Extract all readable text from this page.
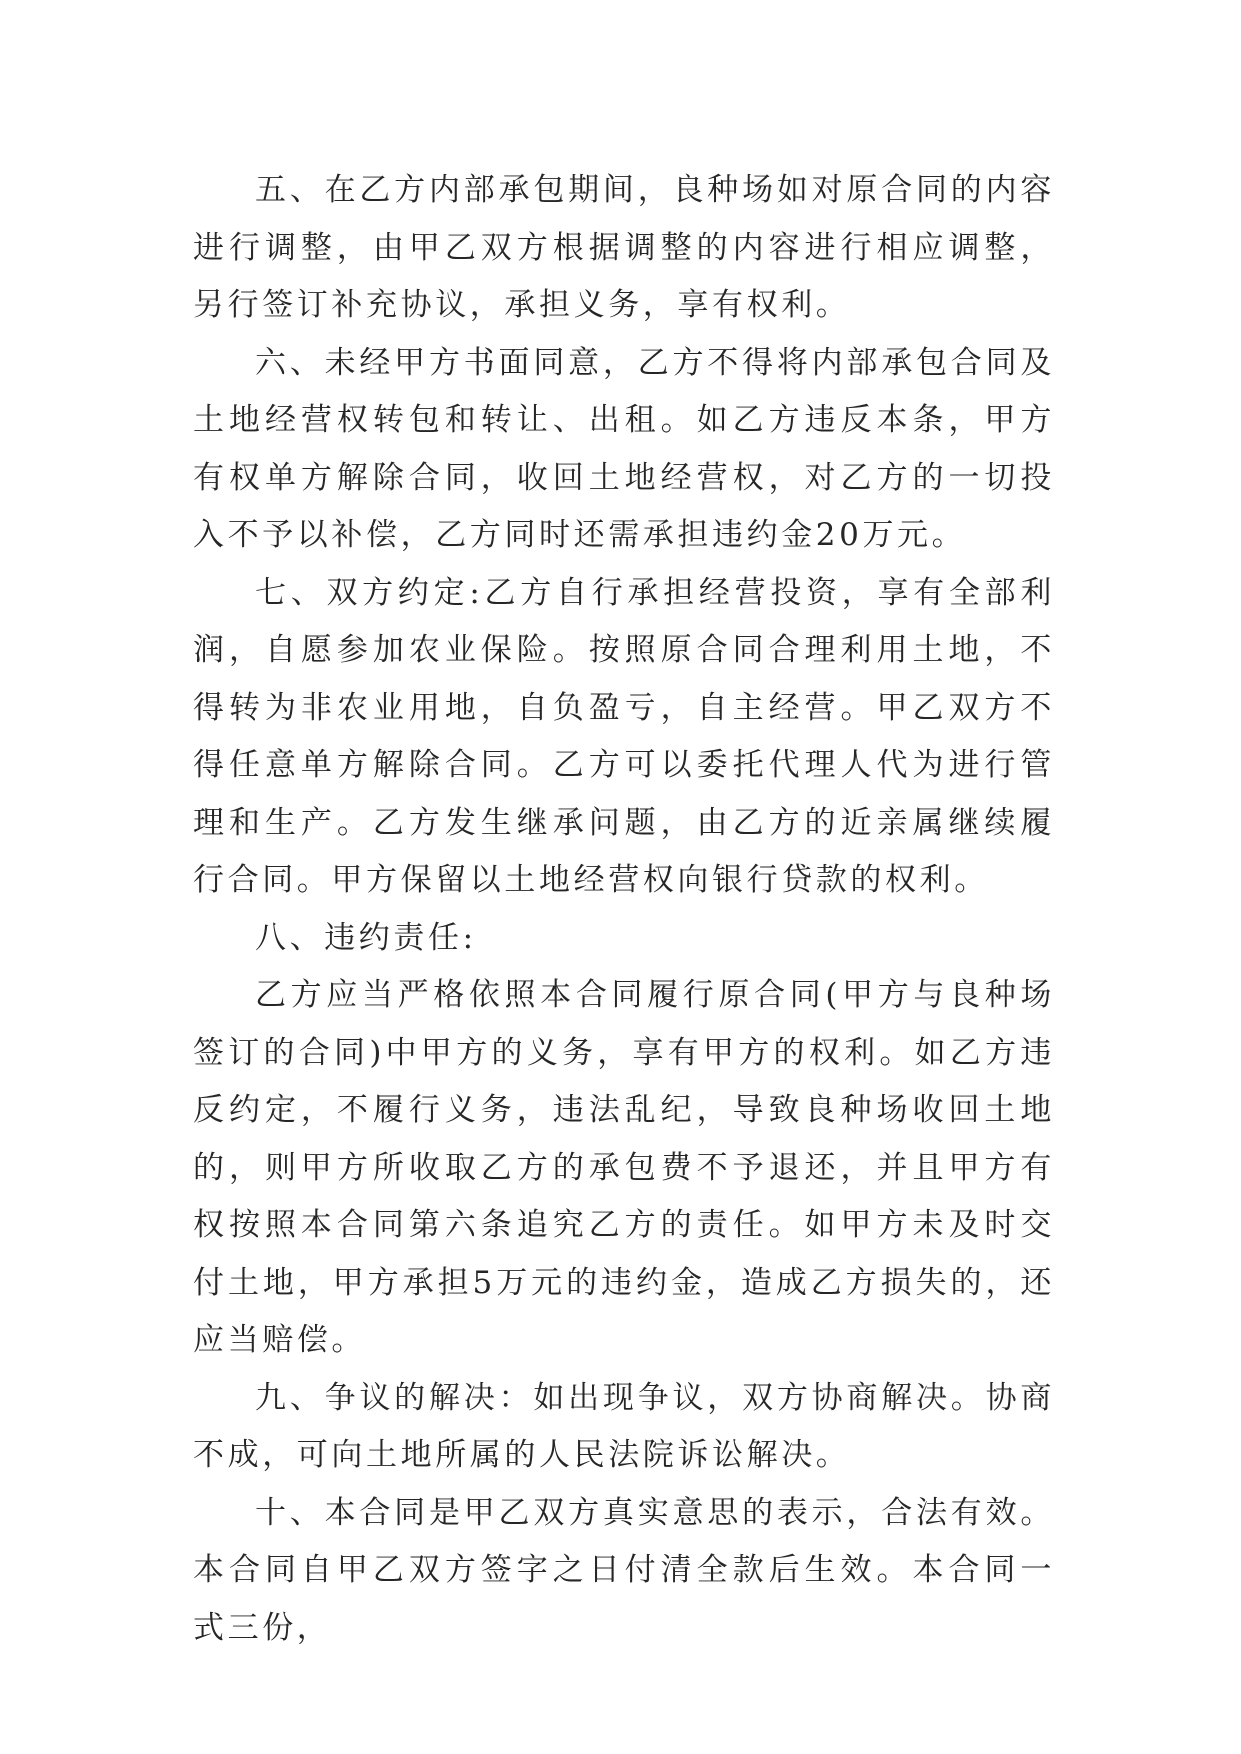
五、在乙方内部承包期间，良种场如对原合同的内容进行调整，由甲乙双方根据调整的内容进行相应调整，另行签订补充协议，承担义务，享有权利。

六、未经甲方书面同意，乙方不得将内部承包合同及土地经营权转包和转让、出租。如乙方违反本条，甲方有权单方解除合同，收回土地经营权，对乙方的一切投入不予以补偿，乙方同时还需承担违约金20万元。

七、双方约定:乙方自行承担经营投资，享有全部利润，自愿参加农业保险。按照原合同合理利用土地，不得转为非农业用地，自负盈亏，自主经营。甲乙双方不得任意单方解除合同。乙方可以委托代理人代为进行管理和生产。乙方发生继承问题，由乙方的近亲属继续履行合同。甲方保留以土地经营权向银行贷款的权利。

八、违约责任:

乙方应当严格依照本合同履行原合同(甲方与良种场签订的合同)中甲方的义务，享有甲方的权利。如乙方违反约定，不履行义务，违法乱纪，导致良种场收回土地的，则甲方所收取乙方的承包费不予退还，并且甲方有权按照本合同第六条追究乙方的责任。如甲方未及时交付土地，甲方承担5万元的违约金，造成乙方损失的，还应当赔偿。

九、争议的解决：如出现争议，双方协商解决。协商不成，可向土地所属的人民法院诉讼解决。

十、本合同是甲乙双方真实意思的表示，合法有效。本合同自甲乙双方签字之日付清全款后生效。本合同一式三份，
